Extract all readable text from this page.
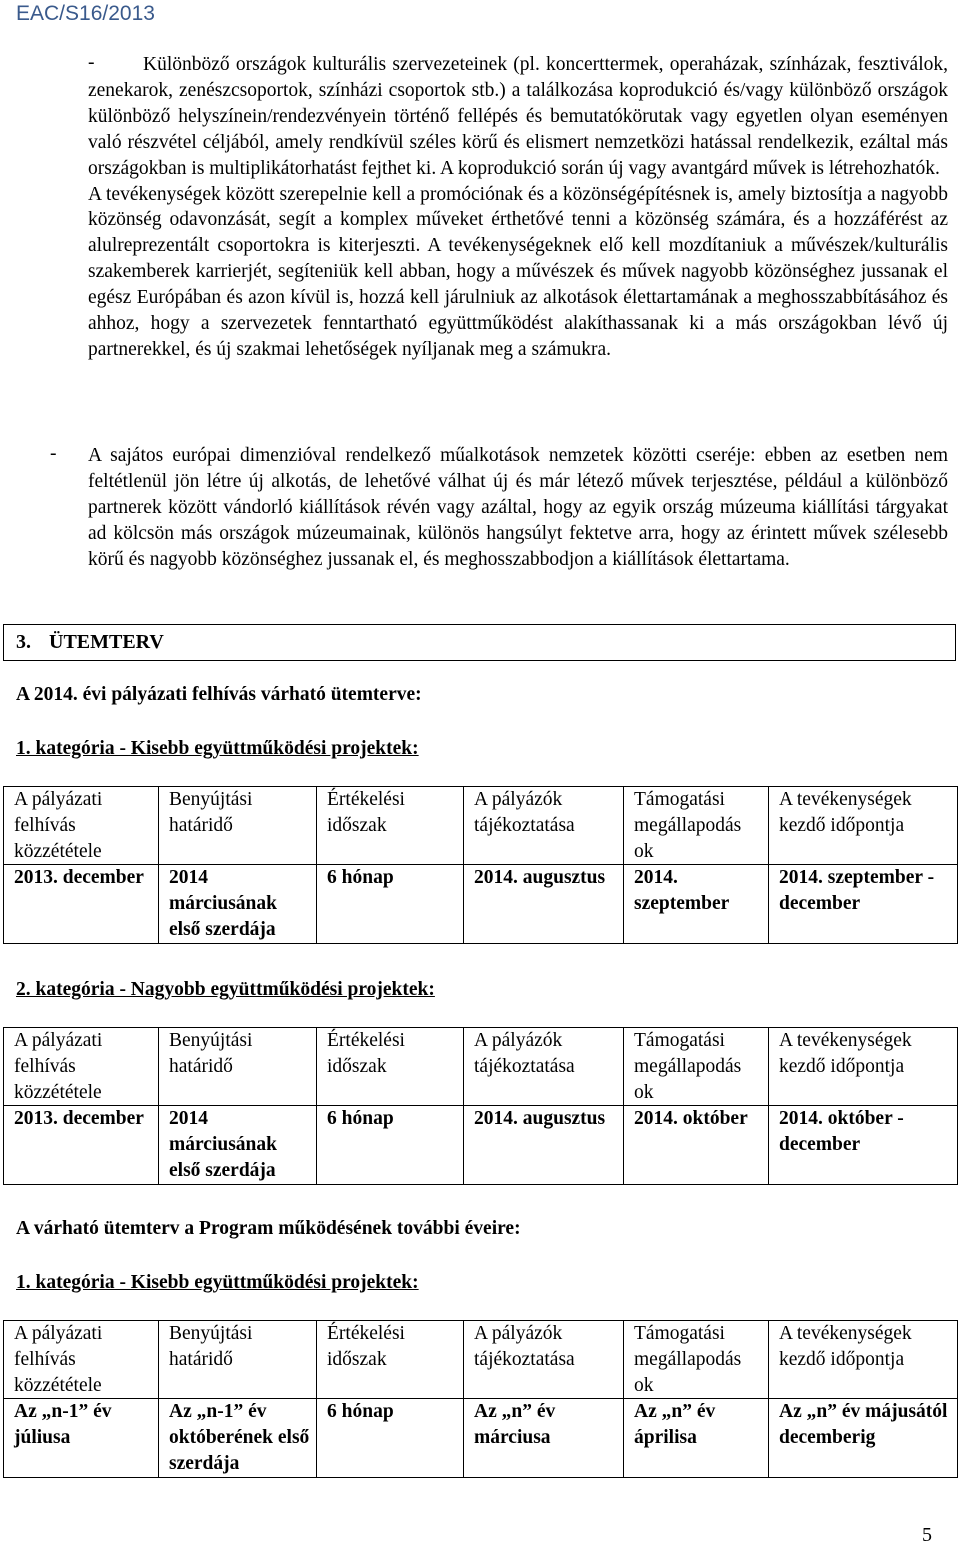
EAC/S16/2013
-	Különböző országok kulturális szervezeteinek (pl. koncerttermek, operaházak, színházak, fesztiválok, zenekarok, zenészcsoportok, színházi csoportok stb.) a találkozása koprodukció és/vagy különböző országok különböző helyszínein/rendezvényein történő fellépés és bemutatókörutak vagy egyetlen olyan eseményen való részvétel céljából, amely rendkívül széles körű és elismert nemzetközi hatással rendelkezik, ezáltal más országokban is multiplikátorhatást fejthet ki. A koprodukció során új vagy avantgárd művek is létrehozhatók.

A tevékenységek között szerepelnie kell a promóciónak és a közönségépítésnek is, amely biztosítja a nagyobb közönség odavonzását, segít a komplex műveket érthetővé tenni a közönség számára, és a hozzáférést az alulreprezentált csoportokra is kiterjeszti. A tevékenységeknek elő kell mozdítaniuk a művészek/kulturális szakemberek karrierjét, segíteniük kell abban, hogy a művészek és művek nagyobb közönséghez jussanak el egész Európában és azon kívül is, hozzá kell járulniuk az alkotások élettartamának a meghosszabbításához és ahhoz, hogy a szervezetek fenntartható együttműködést alakíthassanak ki a más országokban lévő új partnerekkel, és új szakmai lehetőségek nyíljanak meg a számukra.

- A sajátos európai dimenzióval rendelkező műalkotások nemzetek közötti cseréje: ebben az esetben nem feltétlenül jön létre új alkotás, de lehetővé válhat új és már létező művek terjesztése, például a különböző partnerek között vándorló kiállítások révén vagy azáltal, hogy az egyik ország múzeuma kiállítási tárgyakat ad kölcsön más országok múzeumainak, különös hangsúlyt fektetve arra, hogy az érintett művek szélesebb körű és nagyobb közönséghez jussanak el, és meghosszabbodjon a kiállítások élettartama.

3. ÜTEMTERV
A 2014. évi pályázati felhívás várható ütemterve:
1. kategória - Kisebb együttműködési projektek:
A pályázati felhívás közzététele	Benyújtási határidő	Értékelési időszak	A pályázók tájékoztatása	Támogatási megállapodás ok	A tevékenységek kezdő időpontja
2013. december	2014 márciusának első szerdája	6 hónap	2014. augusztus	2014. szeptember	2014. szeptember - december
2. kategória - Nagyobb együttműködési projektek:
A pályázati felhívás közzététele	Benyújtási határidő	Értékelési időszak	A pályázók tájékoztatása	Támogatási megállapodás ok	A tevékenységek kezdő időpontja
2013. december	2014 márciusának első szerdája	6 hónap	2014. augusztus	2014. október	2014. október - december
A várható ütemterv a Program működésének további éveire:
1. kategória - Kisebb együttműködési projektek:
A pályázati felhívás közzététele	Benyújtási határidő	Értékelési időszak	A pályázók tájékoztatása	Támogatási megállapodás ok	A tevékenységek kezdő időpontja
Az „n-1” év júliusa	Az „n-1” év októberének első szerdája	6 hónap	Az „n” év márciusa	Az „n” év áprilisa	Az „n” év májusától decemberig
5
